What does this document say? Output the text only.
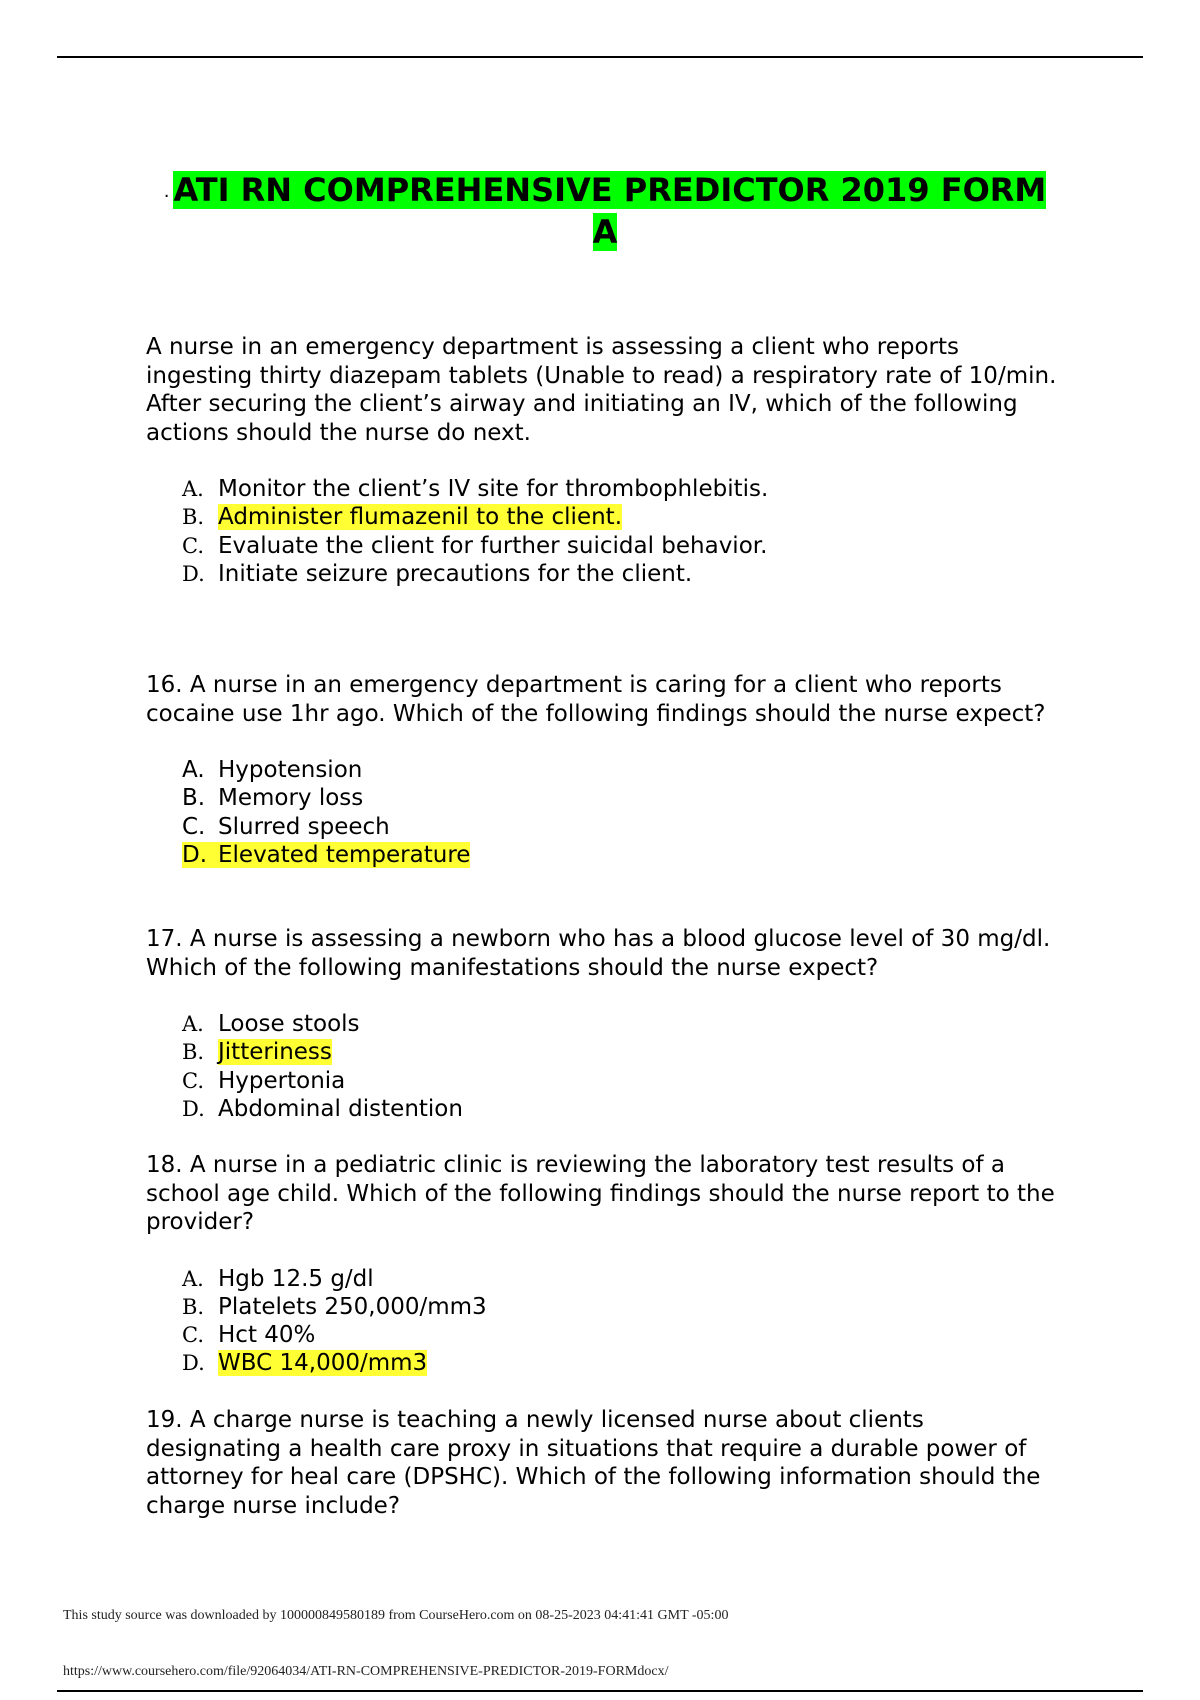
. ATI RN COMPREHENSIVE PREDICTOR 2019 FORM
A

A nurse in an emergency department is assessing a client who reports ingesting thirty diazepam tablets (Unable to read) a respiratory rate of 10/min. After securing the client’s airway and initiating an IV, which of the following actions should the nurse do next.

A. Monitor the client’s IV site for thrombophlebitis.
B. Administer flumazenil to the client.
C. Evaluate the client for further suicidal behavior.
D. Initiate seizure precautions for the client.

16. A nurse in an emergency department is caring for a client who reports cocaine use 1hr ago. Which of the following findings should the nurse expect?

A. Hypotension
B. Memory loss
C. Slurred speech
D. Elevated temperature

17. A nurse is assessing a newborn who has a blood glucose level of 30 mg/dl. Which of the following manifestations should the nurse expect?

A. Loose stools
B. Jitteriness
C. Hypertonia
D. Abdominal distention

18. A nurse in a pediatric clinic is reviewing the laboratory test results of a school age child. Which of the following findings should the nurse report to the provider?

A. Hgb 12.5 g/dl
B. Platelets 250,000/mm3
C. Hct 40%
D. WBC 14,000/mm3

19. A charge nurse is teaching a newly licensed nurse about clients designating a health care proxy in situations that require a durable power of attorney for heal care (DPSHC). Which of the following information should the charge nurse include?

This study source was downloaded by 100000849580189 from CourseHero.com on 08-25-2023 04:41:41 GMT -05:00
https://www.coursehero.com/file/92064034/ATI-RN-COMPREHENSIVE-PREDICTOR-2019-FORMdocx/
